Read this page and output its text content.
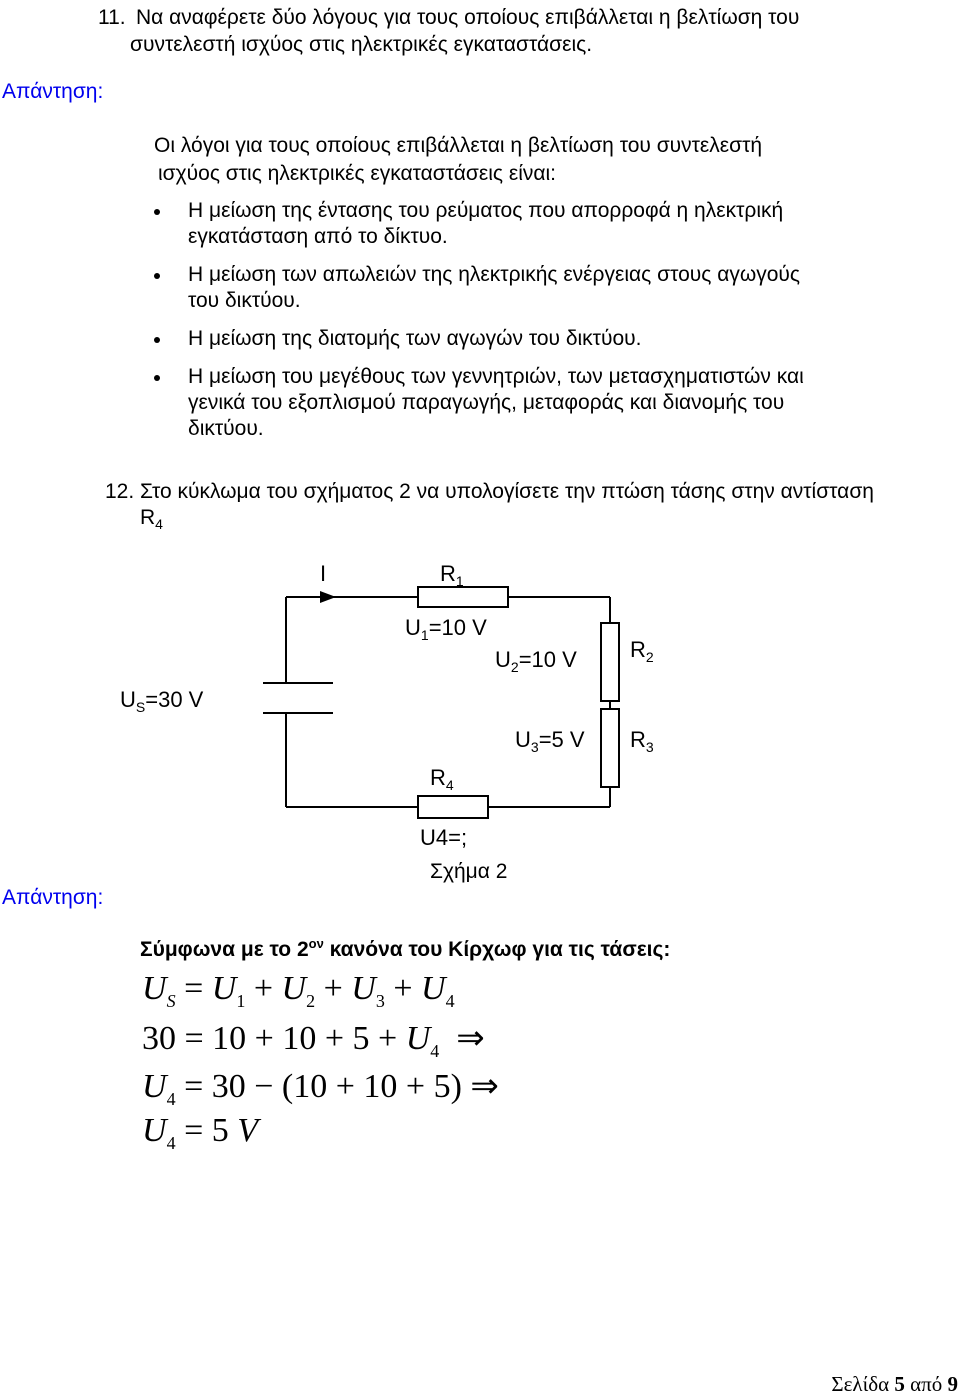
11. Να αναφέρετε δύο λόγους για τους οποίους επιβάλλεται η βελτίωση του
συντελεστή ισχύος στις ηλεκτρικές εγκαταστάσεις.
Απάντηση:
Οι λόγοι για τους οποίους επιβάλλεται η βελτίωση του συντελεστή
ισχύος στις ηλεκτρικές εγκαταστάσεις είναι:
Η μείωση της έντασης του ρεύματος που απορροφά η ηλεκτρική
εγκατάσταση από το δίκτυο.
Η μείωση των απωλειών της ηλεκτρικής ενέργειας στους αγωγούς
του δικτύου.
Η μείωση της διατομής των αγωγών του δικτύου.
Η μείωση του μεγέθους των γεννητριών, των μετασχηματιστών και
γενικά του εξοπλισμού παραγωγής, μεταφοράς και διανομής του
δικτύου.
12. Στο κύκλωμα του σχήματος 2 να υπολογίσετε την πτώση τάσης στην αντίσταση
$R_4$
I	$R_1$
$U_1=10$ V
$R_2$
$U_2=10$ V
$R_3$
$U_3=5$ V
$R_4$
U4=;
$U_S=30$ V
Σχήμα 2
Απάντηση:
Σύμφωνα με το $2^{o\nu}$ κανόνα του Κίρχωφ για τις τάσεις:
$U_S = U_1 + U_2 + U_3 + U_4$
$30 = 10 + 10 + 5 + U_4$  ⇒
$U_4 = 30 - (10 + 10 + 5)$ ⇒
$U_4 = 5$ V
Σελίδα 5 από 9
